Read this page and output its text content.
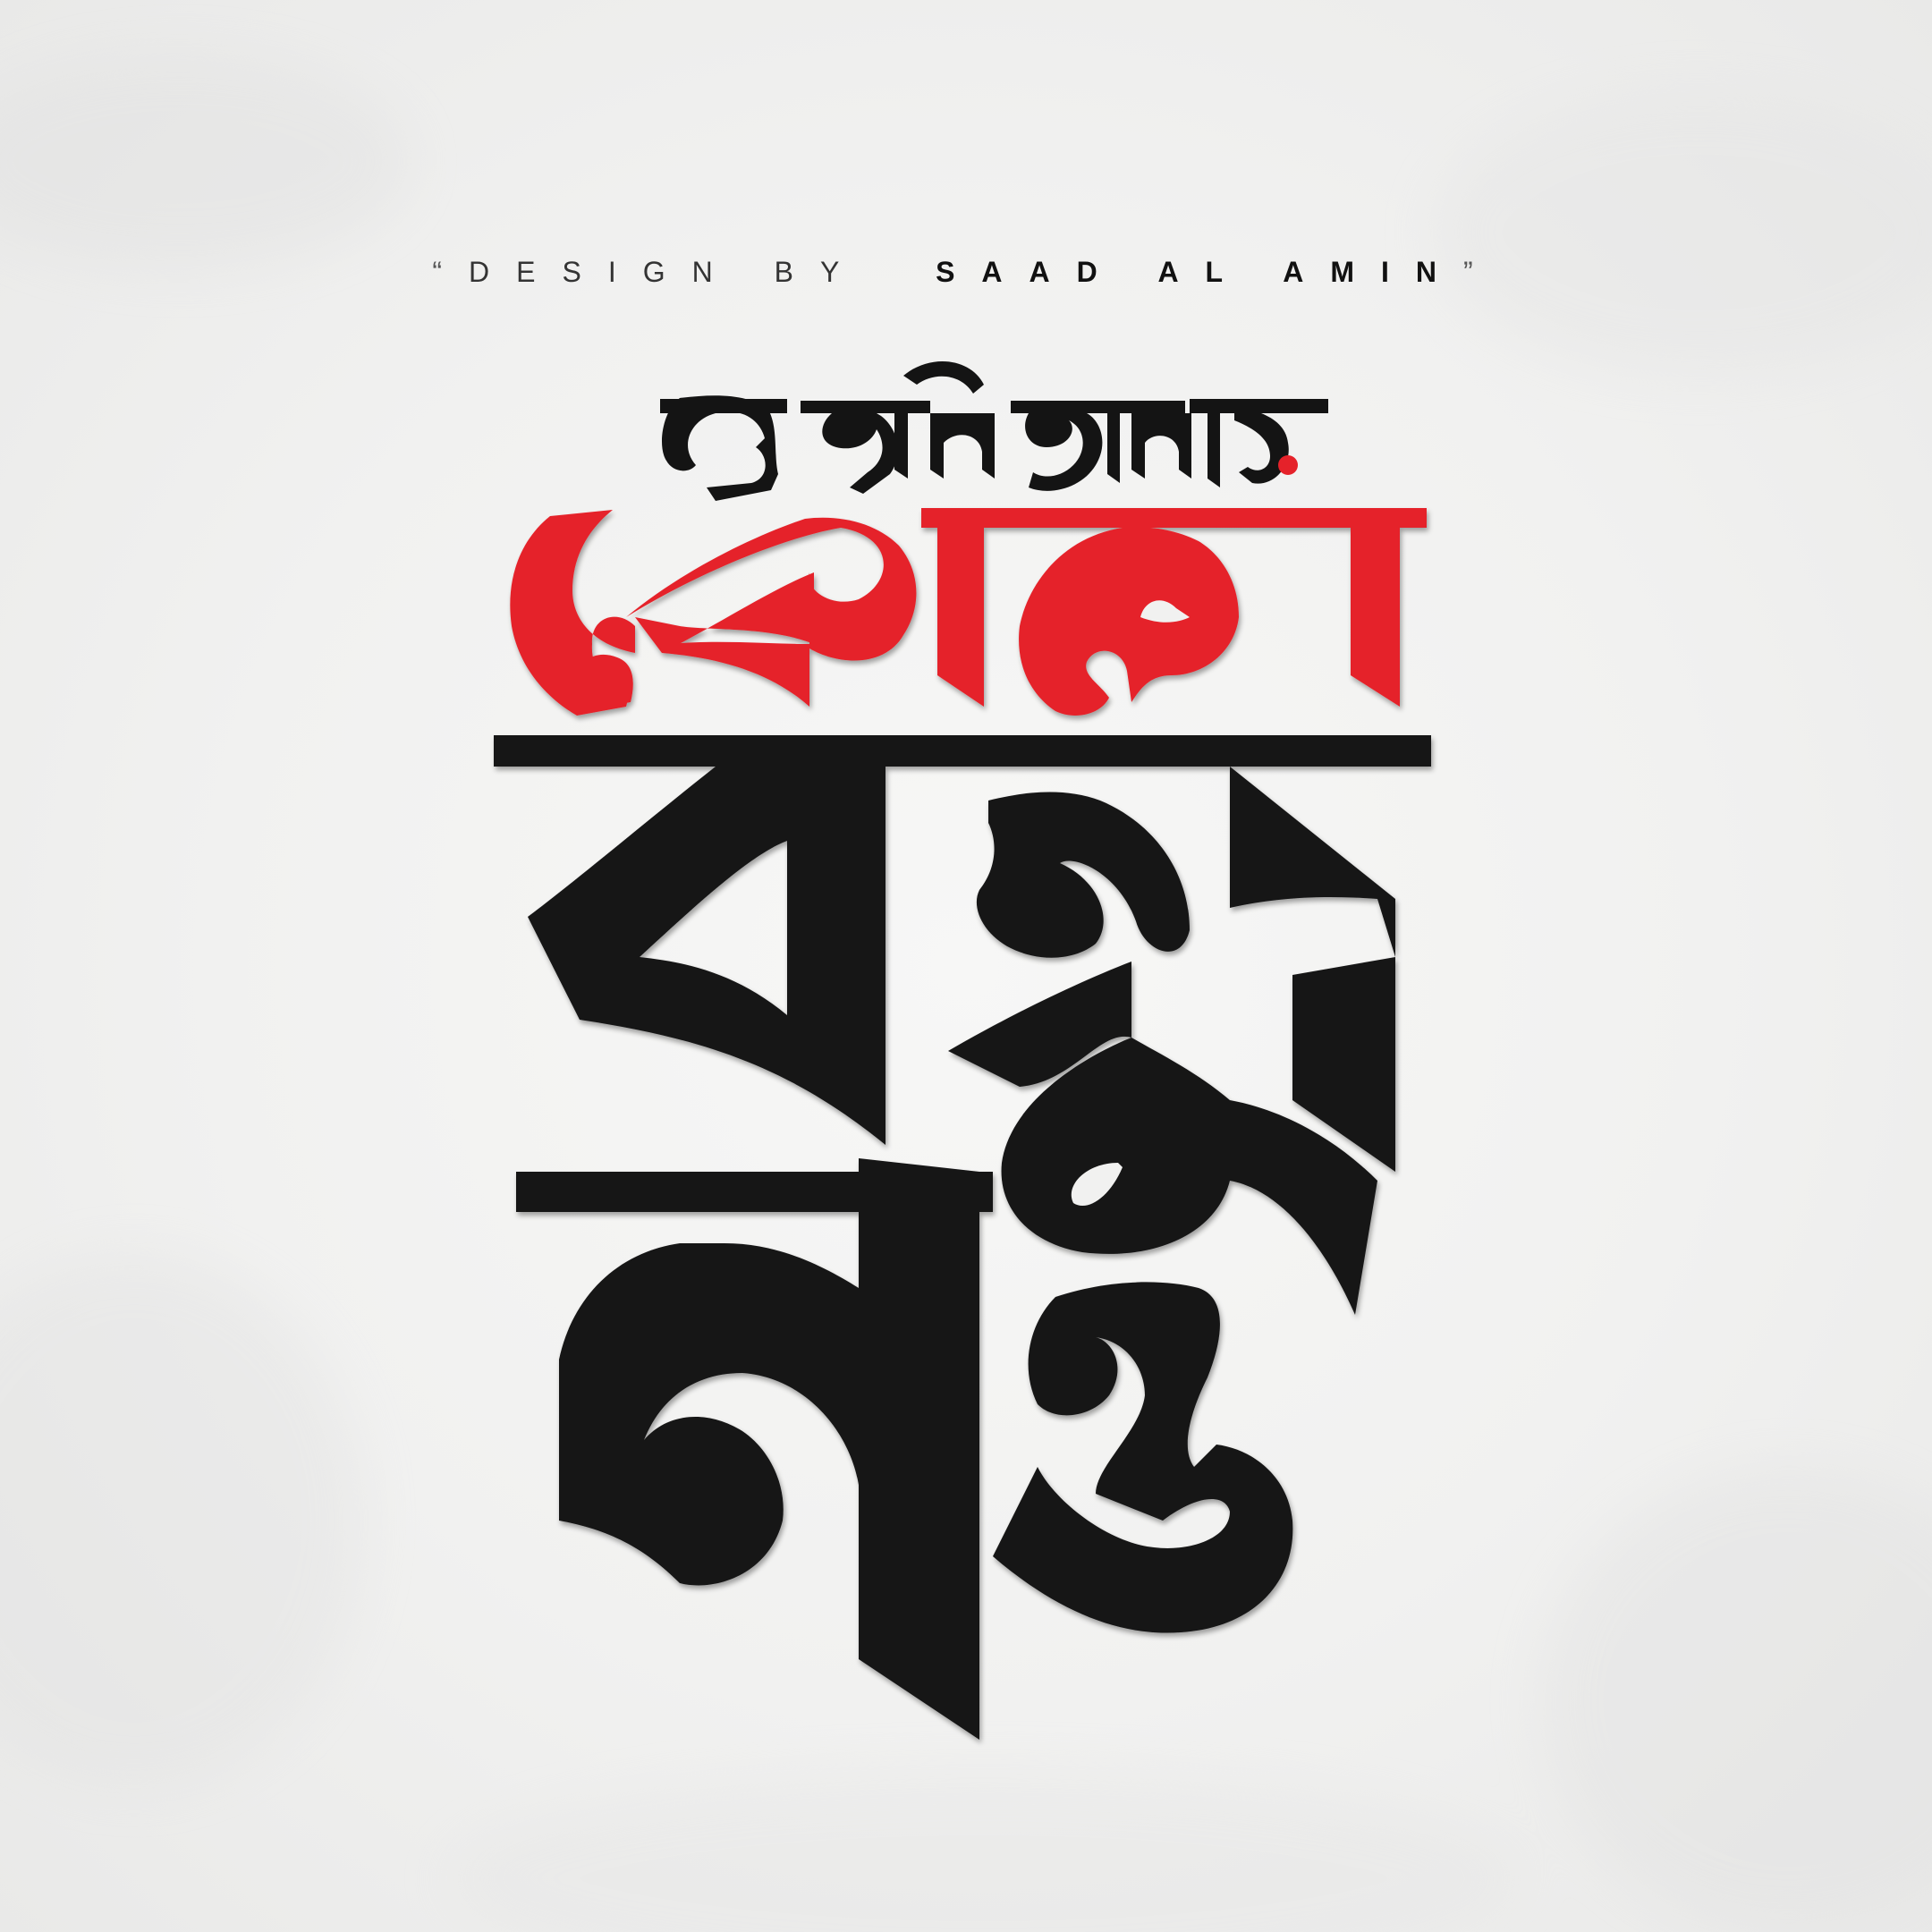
“DESIGN BY SAAD AL AMIN”
